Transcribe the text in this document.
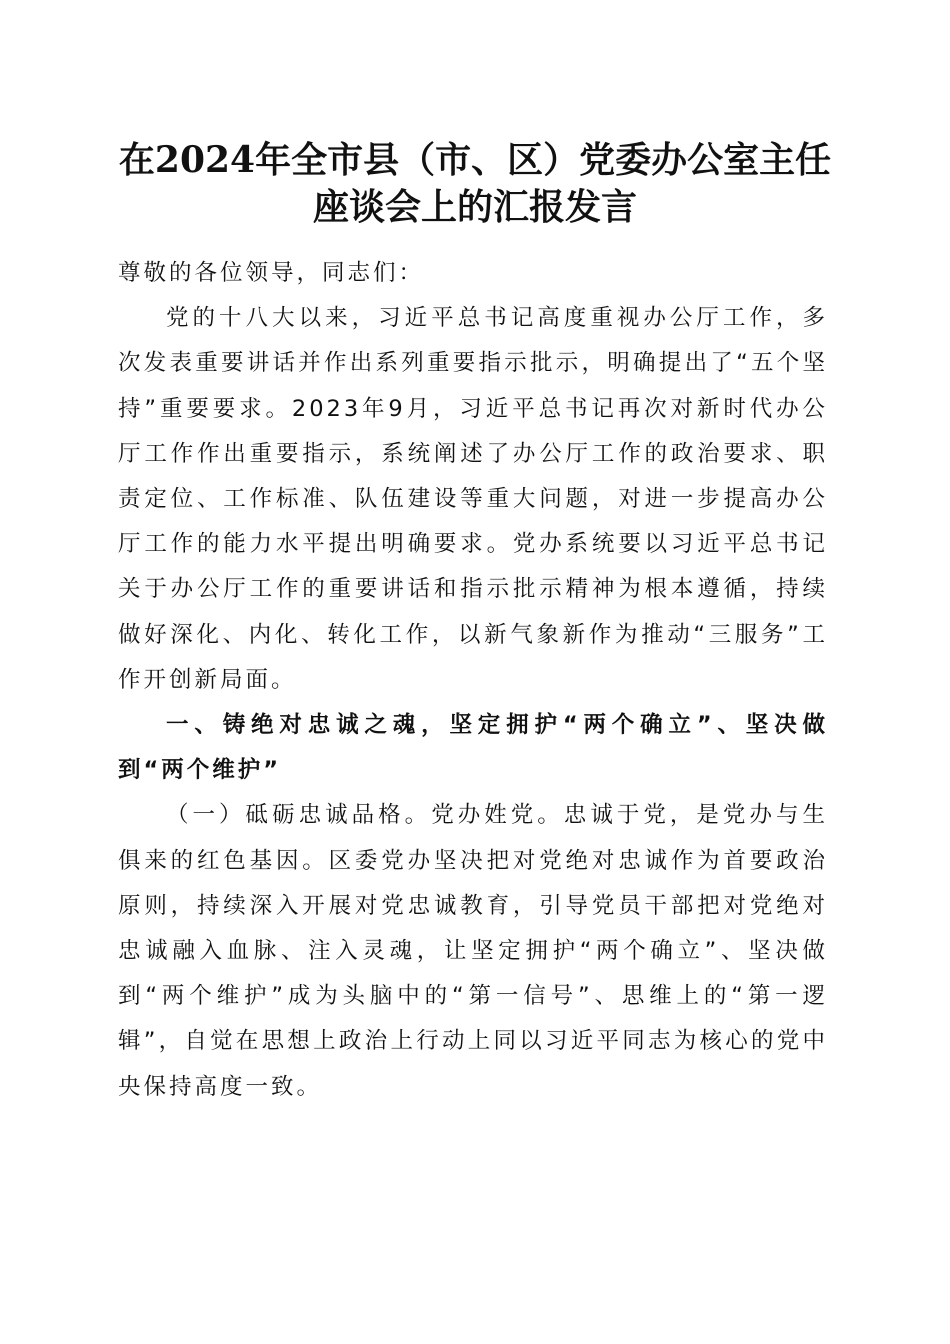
在2024年全市县（市、区）党委办公室主任
座谈会上的汇报发言

尊敬的各位领导，同志们：

党的十八大以来，习近平总书记高度重视办公厅工作，多次发表重要讲话并作出系列重要指示批示，明确提出了“五个坚持”重要要求。2023年9月，习近平总书记再次对新时代办公厅工作作出重要指示，系统阐述了办公厅工作的政治要求、职责定位、工作标准、队伍建设等重大问题，对进一步提高办公厅工作的能力水平提出明确要求。党办系统要以习近平总书记关于办公厅工作的重要讲话和指示批示精神为根本遵循，持续做好深化、内化、转化工作，以新气象新作为推动“三服务”工作开创新局面。

一、铸绝对忠诚之魂，坚定拥护“两个确立”、坚决做到“两个维护”

（一）砥砺忠诚品格。党办姓党。忠诚于党，是党办与生俱来的红色基因。区委党办坚决把对党绝对忠诚作为首要政治原则，持续深入开展对党忠诚教育，引导党员干部把对党绝对忠诚融入血脉、注入灵魂，让坚定拥护“两个确立”、坚决做到“两个维护”成为头脑中的“第一信号”、思维上的“第一逻辑”，自觉在思想上政治上行动上同以习近平同志为核心的党中央保持高度一致。
